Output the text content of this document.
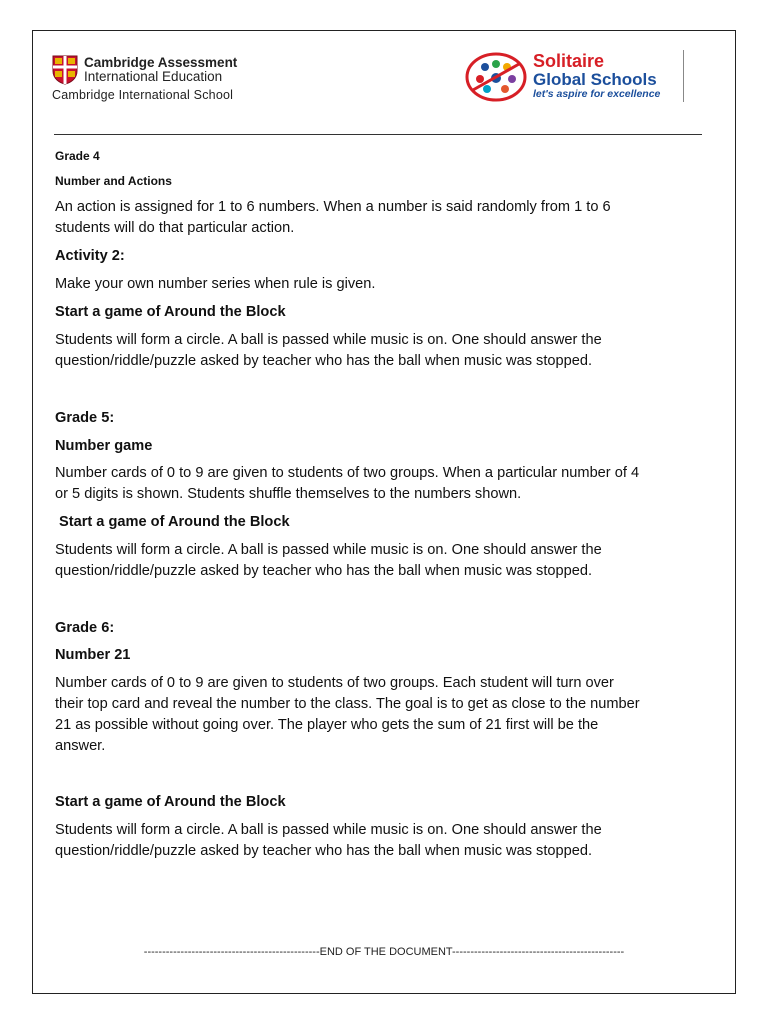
Cambridge Assessment
International Education
Cambridge International School
Solitaire
Global Schools
let's aspire for excellence
Grade 4
Number and Actions
An action is assigned for 1 to 6 numbers. When a number is said randomly from 1 to 6
students will do that particular action.
Activity 2:
Make your own number series when rule is given.
Start a game of Around the Block
Students will form a circle. A ball is passed while music is on. One should answer the
question/riddle/puzzle asked by teacher who has the ball when music was stopped.
Grade 5:
Number game
Number cards of 0 to 9 are given to students of two groups. When a particular number of 4
or 5 digits is shown. Students shuffle themselves to the numbers shown.
Start a game of Around the Block
Students will form a circle. A ball is passed while music is on. One should answer the
question/riddle/puzzle asked by teacher who has the ball when music was stopped.
Grade 6:
Number 21
Number cards of 0 to 9 are given to students of two groups. Each student will turn over
their top card and reveal the number to the class. The goal is to get as close to the number
21 as possible without going over. The player who gets the sum of 21 first will be the
answer.
Start a game of Around the Block
Students will form a circle. A ball is passed while music is on. One should answer the
question/riddle/puzzle asked by teacher who has the ball when music was stopped.
------------------------------------------------END OF THE DOCUMENT-----------------------------------------------
